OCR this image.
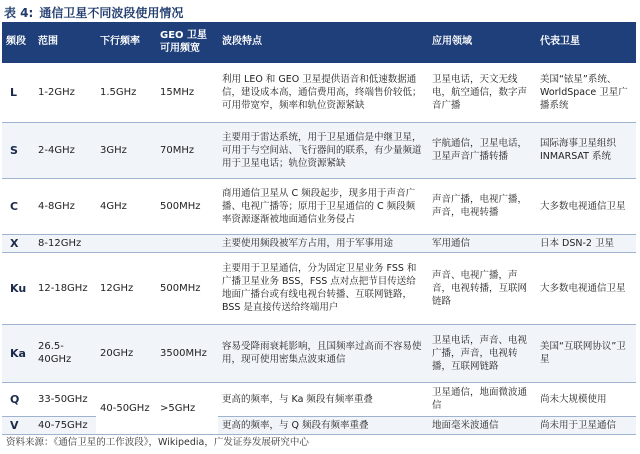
表 4: 通信卫星不同波段使用情况
频段	范围	下行频率	GEO 卫星可用频宽	波段特点	应用领域	代表卫星
L	1-2GHz	1.5GHz	15MHz	利用 LEO 和 GEO 卫星提供语音和低速数据通信，建设成本高，通信费用高，终端售价较低；可用带宽窄，频率和轨位资源紧缺	卫星电话，天文无线电，航空通信，数字声音广播	美国“铱星”系统、WorldSpace 卫星广播系统
S	2-4GHz	3GHz	70MHz	主要用于雷达系统，用于卫星通信是中继卫星，可用于与空间站、飞行器间的联系，有少量频道用于卫星电话；轨位资源紧缺	宇航通信，卫星电话，卫星声音广播转播	国际海事卫星组织 INMARSAT 系统
C	4-8GHz	4GHz	500MHz	商用通信卫星从 C 频段起步，现多用于声音广播、电视广播等；原用于卫星通信的 C 频段频率资源逐渐被地面通信业务侵占	声音广播，电视广播，声音，电视转播	大多数电视通信卫星
X	8-12GHz			主要使用频段被军方占用，用于军事用途	军用通信	日本 DSN-2 卫星
Ku	12-18GHz	12GHz	500MHz	主要用于卫星通信，分为固定卫星业务 FSS 和广播卫星业务 BSS，FSS 点对点把节目传送给地面广播台或有线电视台转播、互联网链路，BSS 是直接传送给终端用户	声音、电视广播，声音，电视转播，互联网链路	大多数电视通信卫星
Ka	26.5-40GHz	20GHz	3500MHz	容易受降雨衰耗影响，且国频率过高而不容易使用，现可使用密集点波束通信	卫星电话，声音、电视广播，声音，电视转播，互联网链路	美国“互联网协议”卫星
Q	33-50GHz	40-50GHz	>5GHz	更高的频率，与 Ka 频段有频率重叠	卫星通信，地面微波通信	尚未大规模使用
V	40-75GHz			更高的频率，与 Q 频段有频率重叠	地面毫米波通信	尚未用于卫星通信
资料来源：《通信卫星的工作波段》，Wikipedia，广发证券发展研究中心
